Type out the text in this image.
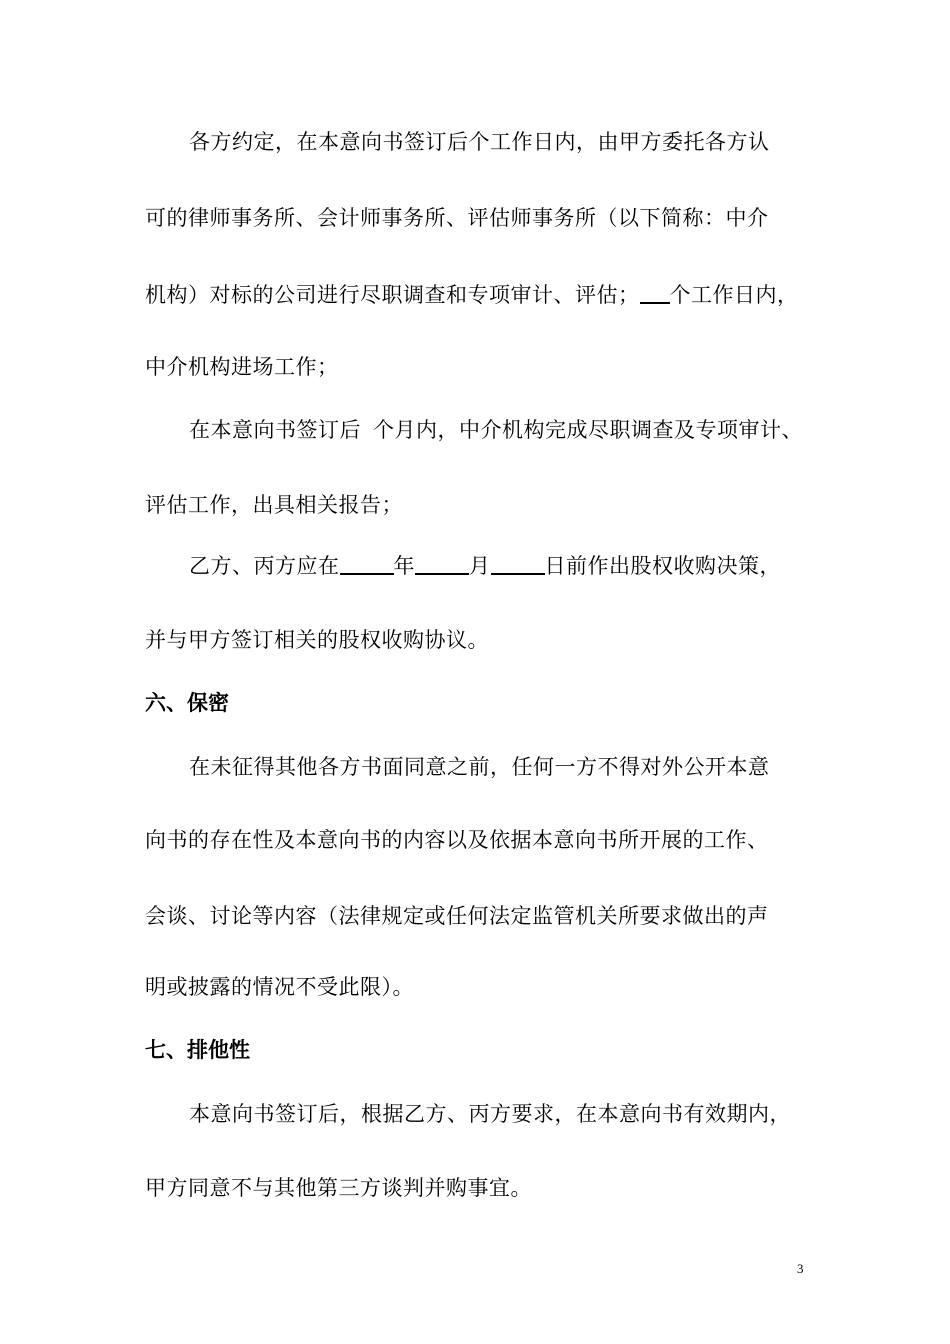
各方约定，在本意向书签订后个工作日内，由甲方委托各方认
可的律师事务所、会计师事务所、评估师事务所（以下简称：中介
机构）对标的公司进行尽职调查和专项审计、评估； 个工作日内，
中介机构进场工作；
在本意向书签订后 个月内，中介机构完成尽职调查及专项审计、
评估工作，出具相关报告；
乙方、丙方应在	年	月	日前作出股权收购决策，
并与甲方签订相关的股权收购协议。
六、保密
在未征得其他各方书面同意之前，任何一方不得对外公开本意
向书的存在性及本意向书的内容以及依据本意向书所开展的工作、
会谈、讨论等内容（法律规定或任何法定监管机关所要求做出的声
明或披露的情况不受此限）。
七、排他性
本意向书签订后，根据乙方、丙方要求，在本意向书有效期内，
甲方同意不与其他第三方谈判并购事宜。
3
